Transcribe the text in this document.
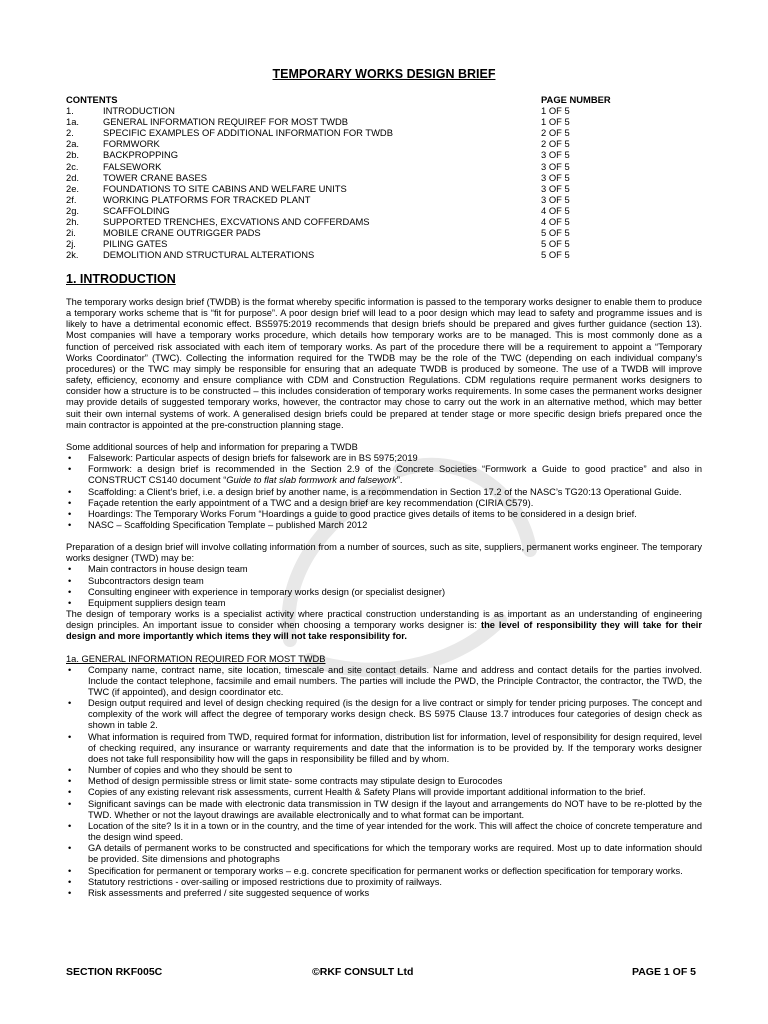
TEMPORARY WORKS DESIGN BRIEF
CONTENTS	PAGE NUMBER
1.	INTRODUCTION	1 OF 5
1a.	GENERAL INFORMATION REQUIREF FOR MOST TWDB	1 OF 5
2.	SPECIFIC EXAMPLES OF ADDITIONAL INFORMATION FOR TWDB	2 OF 5
2a.	FORMWORK	2 OF 5
2b.	BACKPROPPING	3 OF 5
2c.	FALSEWORK	3 OF 5
2d.	TOWER CRANE BASES	3 OF 5
2e.	FOUNDATIONS TO SITE CABINS AND WELFARE UNITS	3 OF 5
2f.	WORKING PLATFORMS FOR TRACKED PLANT	3 OF 5
2g.	SCAFFOLDING	4 OF 5
2h.	SUPPORTED TRENCHES, EXCVATIONS AND COFFERDAMS	4 OF 5
2i.	MOBILE CRANE OUTRIGGER PADS	5 OF 5
2j.	PILING GATES	5 OF 5
2k.	DEMOLITION AND STRUCTURAL ALTERATIONS	5 OF 5
1. INTRODUCTION

The temporary works design brief (TWDB) is the format whereby specific information is passed to the temporary works designer to enable them to produce a temporary works scheme that is “fit for purpose”. A poor design brief will lead to a poor design which may lead to safety and programme issues and is likely to have a detrimental economic effect. BS5975:2019 recommends that design briefs should be prepared and gives further guidance (section 13). Most companies will have a temporary works procedure, which details how temporary works are to be managed. This is most commonly done as a function of perceived risk associated with each item of temporary works. As part of the procedure there will be a requirement to appoint a “Temporary Works Coordinator” (TWC). Collecting the information required for the TWDB may be the role of the TWC (depending on each individual company’s procedures) or the TWC may simply be responsible for ensuring that an adequate TWDB is produced by someone. The use of a TWDB will improve safety, efficiency, economy and ensure compliance with CDM and Construction Regulations. CDM regulations require permanent works designers to consider how a structure is to be constructed – this includes consideration of temporary works requirements. In some cases the permanent works designer may provide details of suggested temporary works, however, the contractor may chose to carry out the work in an alternative method, which may better suit their own internal systems of work. A generalised design briefs could be prepared at tender stage or more specific design briefs prepared once the main contractor is appointed at the pre-construction planning stage.

Some additional sources of help and information for preparing a TWDB

• Falsework: Particular aspects of design briefs for falsework are in BS 5975;2019
• Formwork: a design brief is recommended in the Section 2.9 of the Concrete Societies “Formwork a Guide to good practice” and also in CONSTRUCT CS140 document “Guide to flat slab formwork and falsework”.
• Scaffolding: a Client’s brief, i.e. a design brief by another name, is a recommendation in Section 17.2 of the NASC’s TG20:13 Operational Guide.
• Façade retention the early appointment of a TWC and a design brief are key recommendation (CIRIA C579).
• Hoardings: The Temporary Works Forum “Hoardings a guide to good practice gives details of items to be considered in a design brief.
• NASC – Scaffolding Specification Template – published March 2012

Preparation of a design brief will involve collating information from a number of sources, such as site, suppliers, permanent works engineer. The temporary works designer (TWD) may be:

• Main contractors in house design team
• Subcontractors design team
• Consulting engineer with experience in temporary works design (or specialist designer)
• Equipment suppliers design team

The design of temporary works is a specialist activity where practical construction understanding is as important as an understanding of engineering design principles. An important issue to consider when choosing a temporary works designer is: the level of responsibility they will take for their design and more importantly which items they will not take responsibility for.

1a. GENERAL INFORMATION REQUIRED FOR MOST TWDB

• Company name, contract name, site location, timescale and site contact details. Name and address and contact details for the parties involved. Include the contact telephone, facsimile and email numbers. The parties will include the PWD, the Principle Contractor, the contractor, the TWD, the TWC (if appointed), and design coordinator etc.
• Design output required and level of design checking required (is the design for a live contract or simply for tender pricing purposes. The concept and complexity of the work will affect the degree of temporary works design check. BS 5975 Clause 13.7 introduces four categories of design check as shown in table 2.
• What information is required from TWD, required format for information, distribution list for information, level of responsibility for design required, level of checking required, any insurance or warranty requirements and date that the information is to be provided by. If the temporary works designer does not take full responsibility how will the gaps in responsibility be filled and by whom.
• Number of copies and who they should be sent to
• Method of design permissible stress or limit state- some contracts may stipulate design to Eurocodes
• Copies of any existing relevant risk assessments, current Health & Safety Plans will provide important additional information to the brief.
• Significant savings can be made with electronic data transmission in TW design if the layout and arrangements do NOT have to be re-plotted by the TWD. Whether or not the layout drawings are available electronically and to what format can be important.
• Location of the site? Is it in a town or in the country, and the time of year intended for the work. This will affect the choice of concrete temperature and the design wind speed.
• GA details of permanent works to be constructed and specifications for which the temporary works are required. Most up to date information should be provided. Site dimensions and photographs
• Specification for permanent or temporary works – e.g. concrete specification for permanent works or deflection specification for temporary works.
• Statutory restrictions - over-sailing or imposed restrictions due to proximity of railways.
• Risk assessments and preferred / site suggested sequence of works
SECTION RKF005C	©RKF CONSULT Ltd	PAGE 1 OF 5
